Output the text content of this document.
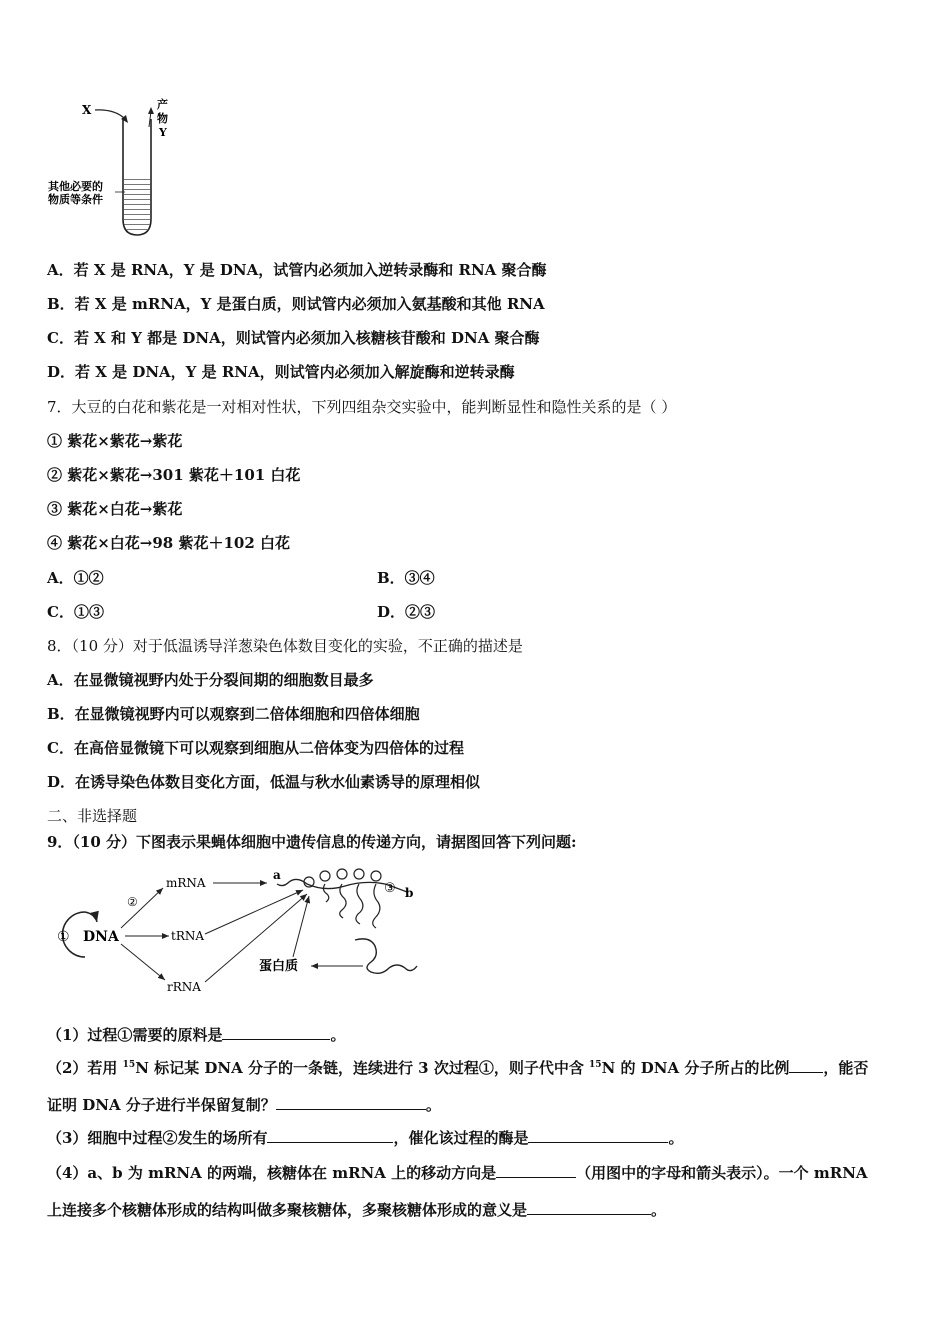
X	产
物
Y
其他必要的
物质等条件
A．若 X 是 RNA，Y 是 DNA，试管内必须加入逆转录酶和 RNA 聚合酶
B．若 X 是 mRNA，Y 是蛋白质，则试管内必须加入氨基酸和其他 RNA
C．若 X 和 Y 都是 DNA，则试管内必须加入核糖核苷酸和 DNA 聚合酶
D．若 X 是 DNA，Y 是 RNA，则试管内必须加入解旋酶和逆转录酶
7．大豆的白花和紫花是一对相对性状，下列四组杂交实验中，能判断显性和隐性关系的是（ ）
① 紫花×紫花→紫花
② 紫花×紫花→301 紫花＋101 白花
③ 紫花×白花→紫花
④ 紫花×白花→98 紫花＋102 白花
A．①②	B．③④
C．①③	D．②③
8．（10 分）对于低温诱导洋葱染色体数目变化的实验，不正确的描述是
A．在显微镜视野内处于分裂间期的细胞数目最多
B．在显微镜视野内可以观察到二倍体细胞和四倍体细胞
C．在高倍显微镜下可以观察到细胞从二倍体变为四倍体的过程
D．在诱导染色体数目变化方面，低温与秋水仙素诱导的原理相似
二、非选择题
9．（10 分）下图表示果蝇体细胞中遗传信息的传递方向，请据图回答下列问题:
① DNA
②
mRNA
tRNA
rRNA
a
③ b
蛋白质
（1）过程①需要的原料是	。
（2）若用 $^{15}$N 标记某 DNA 分子的一条链，连续进行 3 次过程①，则子代中含 $^{15}$N 的 DNA 分子所占的比例 ，能否
证明 DNA 分子进行半保留复制？	。
（3）细胞中过程②发生的场所有	，催化该过程的酶是	。
（4）a、b 为 mRNA 的两端，核糖体在 mRNA 上的移动方向是	（用图中的字母和箭头表示）。一个 mRNA
上连接多个核糖体形成的结构叫做多聚核糖体，多聚核糖体形成的意义是	。
